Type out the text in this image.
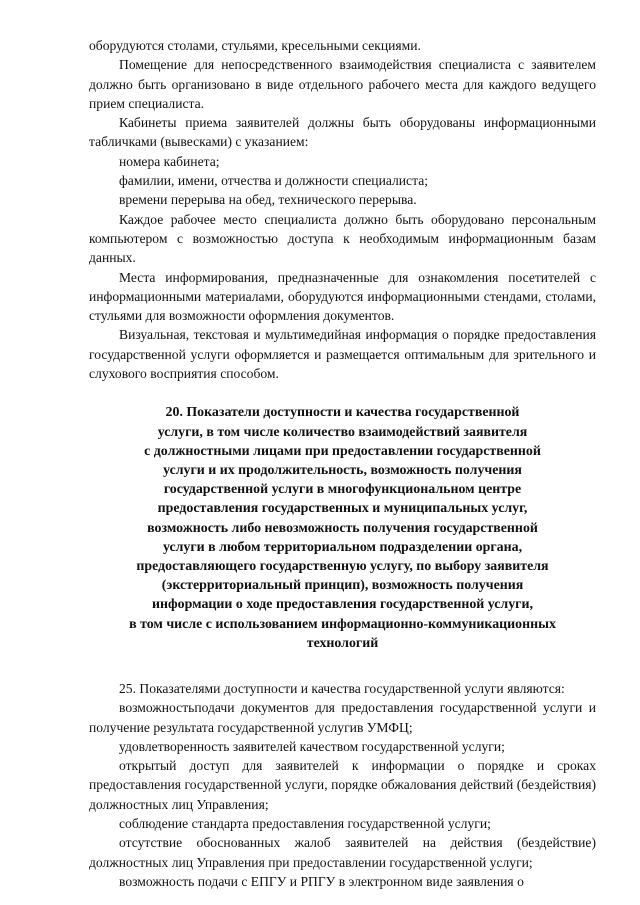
оборудуются столами, стульями, кресельными секциями.

Помещение для непосредственного взаимодействия специалиста с заявителем должно быть организовано в виде отдельного рабочего места для каждого ведущего прием специалиста.

Кабинеты приема заявителей должны быть оборудованы информационными табличками (вывесками) с указанием:

номера кабинета;

фамилии, имени, отчества и должности специалиста;

времени перерыва на обед, технического перерыва.

Каждое рабочее место специалиста должно быть оборудовано персональным компьютером с возможностью доступа к необходимым информационным базам данных.

Места информирования, предназначенные для ознакомления посетителей с информационными материалами, оборудуются информационными стендами, столами, стульями для возможности оформления документов.

Визуальная, текстовая и мультимедийная информация о порядке предоставления государственной услуги оформляется и размещается оптимальным для зрительного и слухового восприятия способом.

20. Показатели доступности и качества государственной
услуги, в том числе количество взаимодействий заявителя
с должностными лицами при предоставлении государственной
услуги и их продолжительность, возможность получения
государственной услуги в многофункциональном центре
предоставления государственных и муниципальных услуг,
возможность либо невозможность получения государственной
услуги в любом территориальном подразделении органа,
предоставляющего государственную услугу, по выбору заявителя
(экстерриториальный принцип), возможность получения
информации о ходе предоставления государственной услуги,
в том числе с использованием информационно-коммуникационных
технологий

25. Показателями доступности и качества государственной услуги являются:

возможностьподачи документов для предоставления государственной услуги и получение результата государственной услугив УМФЦ;

удовлетворенность заявителей качеством государственной услуги;

открытый доступ для заявителей к информации о порядке и сроках предоставления государственной услуги, порядке обжалования действий (бездействия) должностных лиц Управления;

соблюдение стандарта предоставления государственной услуги;

отсутствие обоснованных жалоб заявителей на действия (бездействие) должностных лиц Управления при предоставлении государственной услуги;

возможность подачи с ЕПГУ и РПГУ в электронном виде заявления о
